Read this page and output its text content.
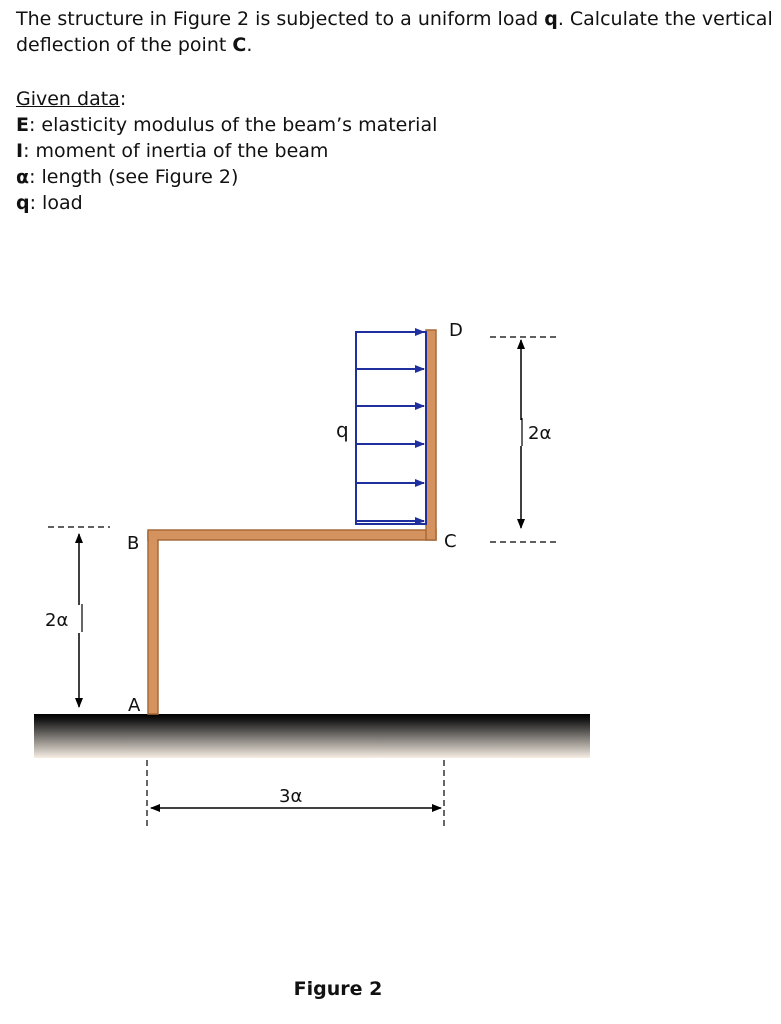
The structure in Figure 2 is subjected to a uniform load q. Calculate the vertical deflection of the point C.

Given data:
E: elasticity modulus of the beam’s material
I: moment of inertia of the beam
α: length (see Figure 2)
q: load
q
D
C
B
A
2α
2α
3α
Figure 2
